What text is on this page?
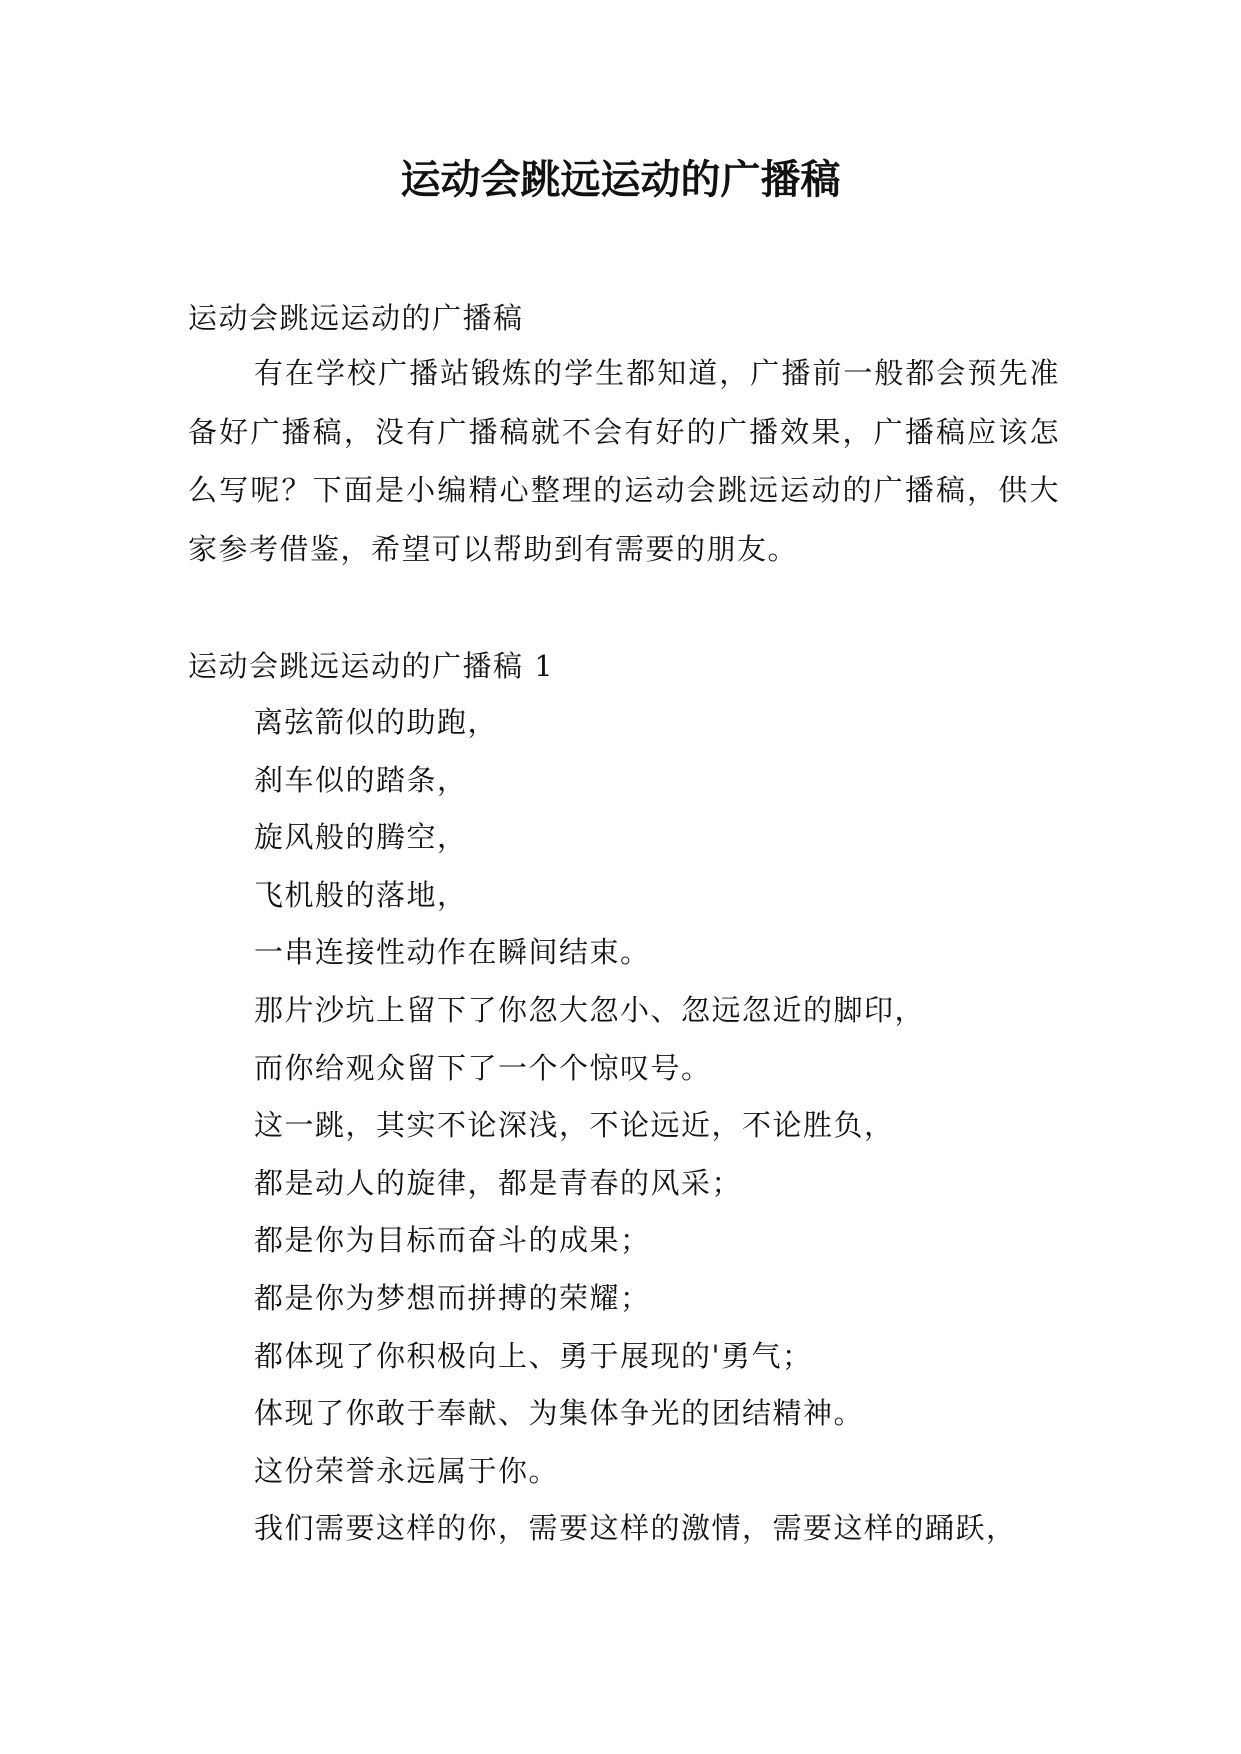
运动会跳远运动的广播稿

运动会跳远运动的广播稿

有在学校广播站锻炼的学生都知道，广播前一般都会预先准备好广播稿，没有广播稿就不会有好的广播效果，广播稿应该怎么写呢？下面是小编精心整理的运动会跳远运动的广播稿，供大家参考借鉴，希望可以帮助到有需要的朋友。

运动会跳远运动的广播稿 1

离弦箭似的助跑，
刹车似的踏条，
旋风般的腾空，
飞机般的落地，
一串连接性动作在瞬间结束。
那片沙坑上留下了你忽大忽小、忽远忽近的脚印，
而你给观众留下了一个个惊叹号。
这一跳，其实不论深浅，不论远近，不论胜负，
都是动人的旋律，都是青春的风采；
都是你为目标而奋斗的成果；
都是你为梦想而拼搏的荣耀；
都体现了你积极向上、勇于展现的'勇气；
体现了你敢于奉献、为集体争光的团结精神。
这份荣誉永远属于你。
我们需要这样的你，需要这样的激情，需要这样的踊跃，
